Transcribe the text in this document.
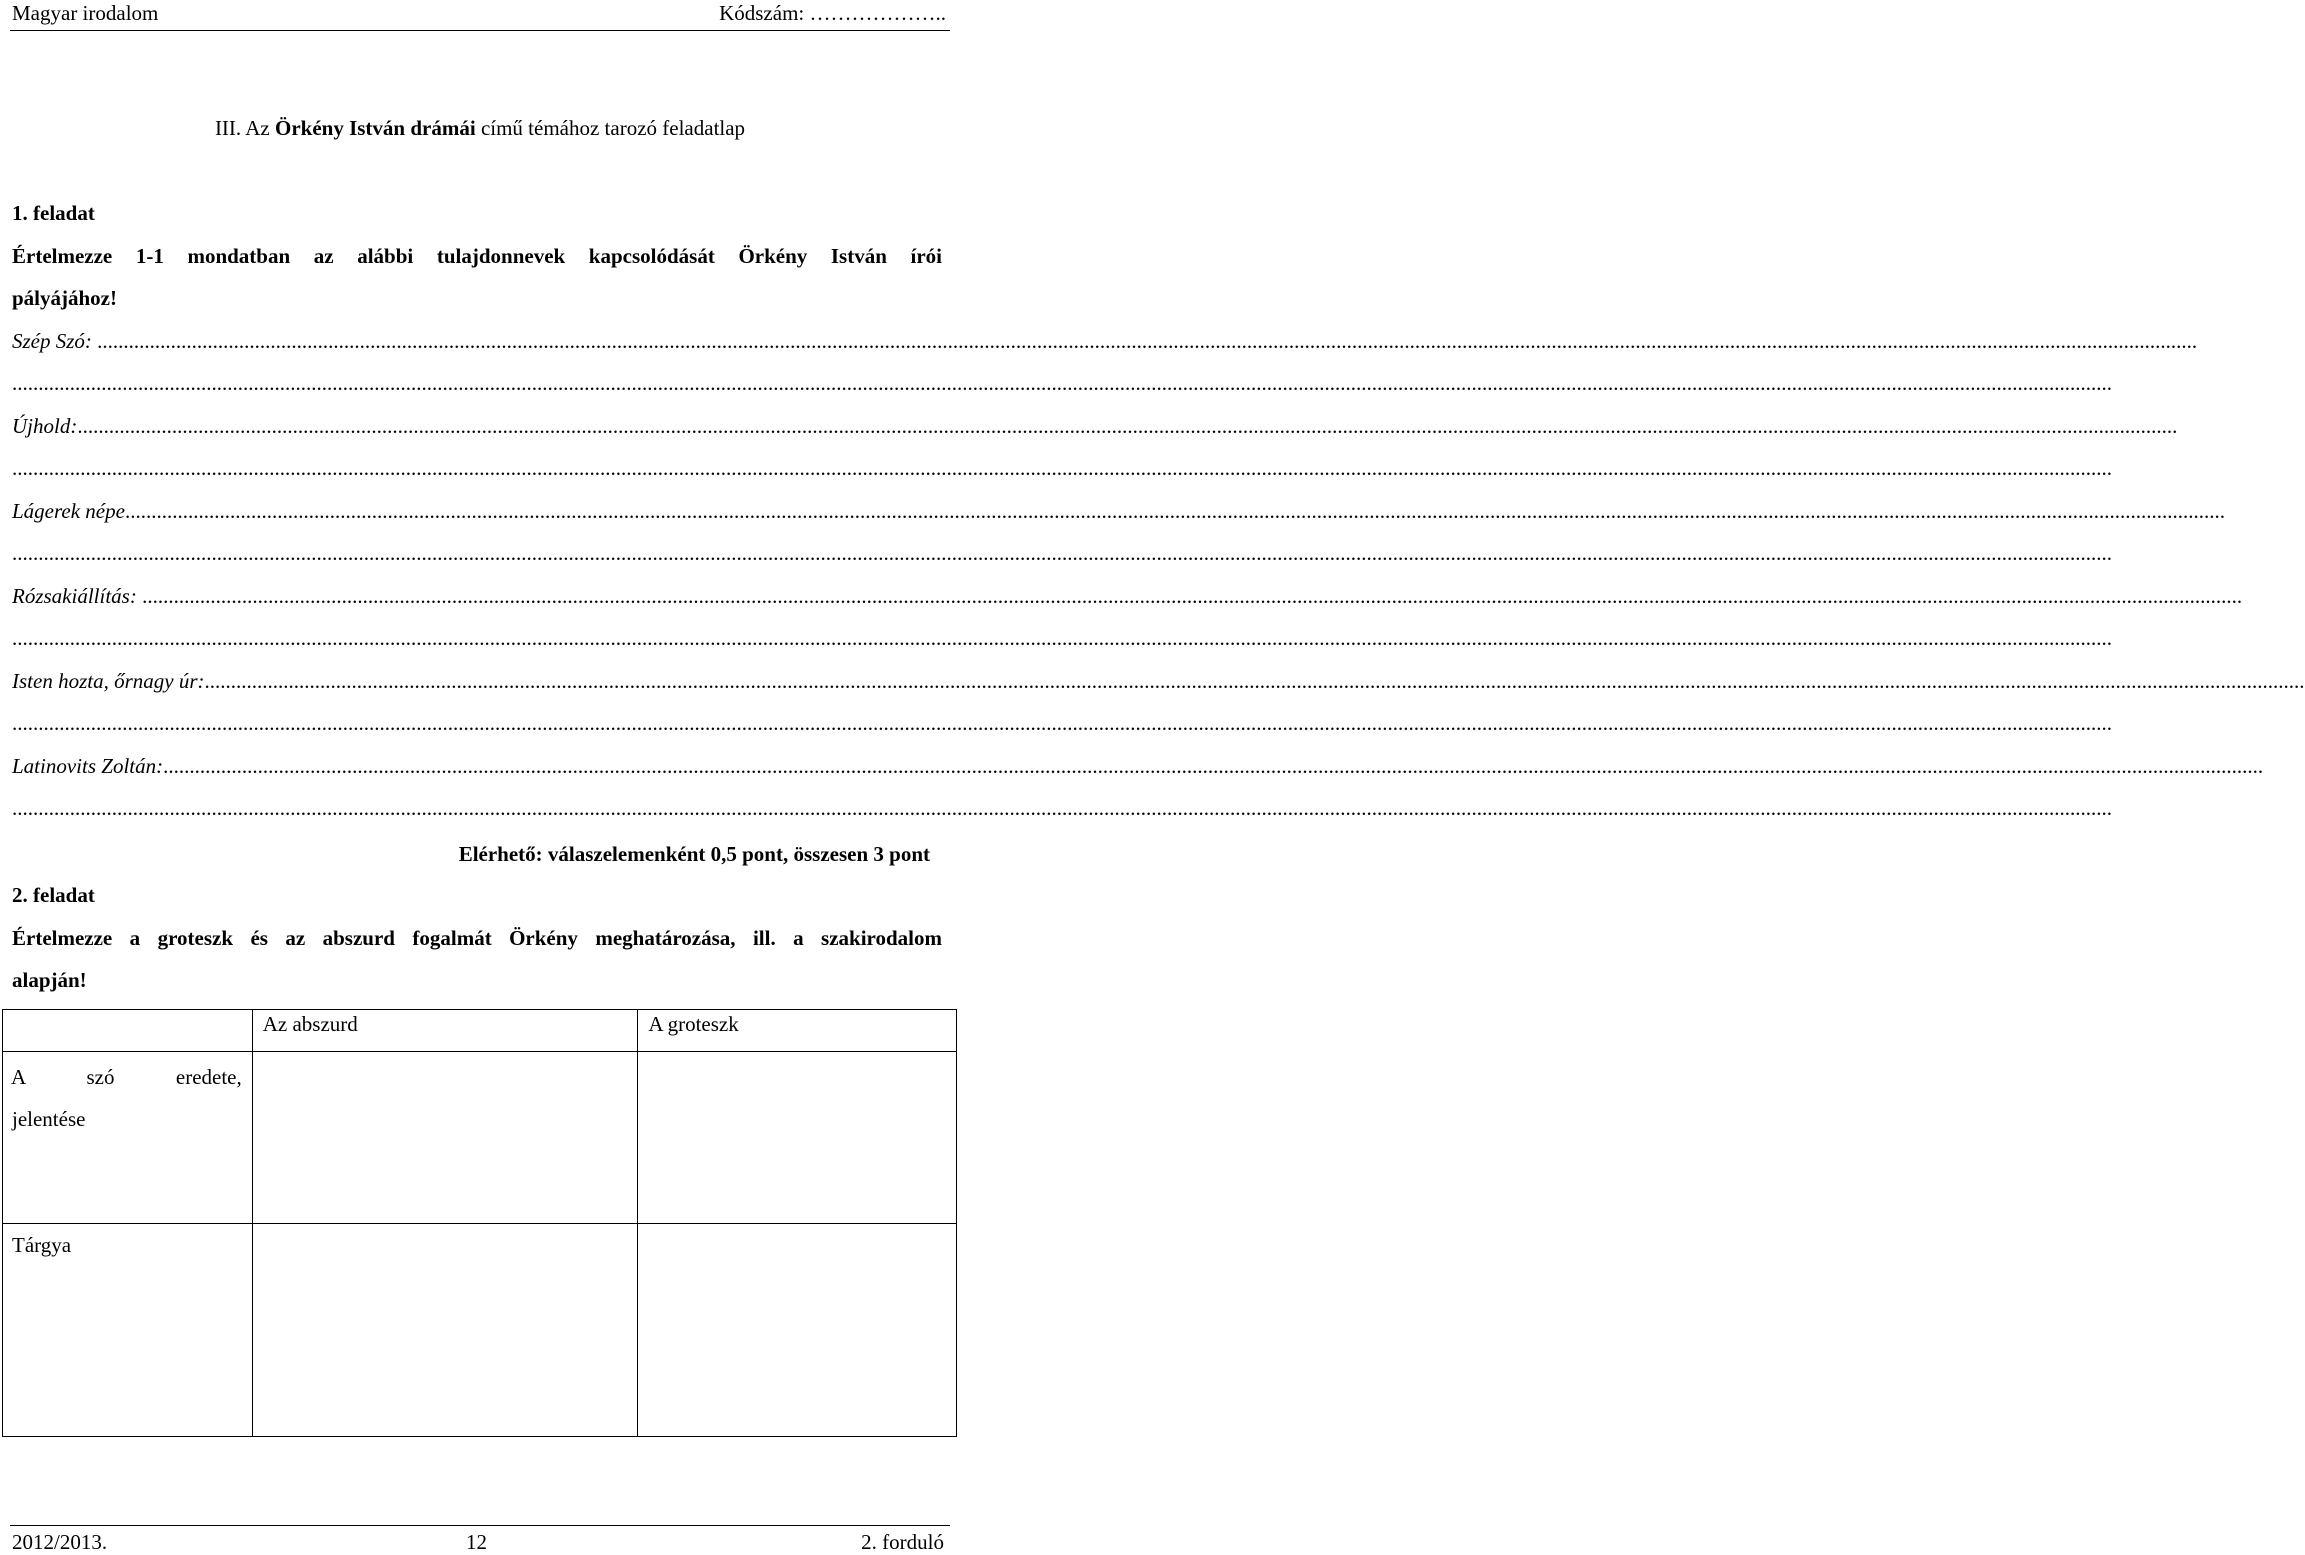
Magyar irodalom	Kódszám: ………………..
III. Az Örkény István drámái című témához tarozó feladatlap
1. feladat
Értelmezze 1-1 mondatban az alábbi tulajdonnevek kapcsolódását Örkény István írói
pályájához!
Szép Szó: ................................................................................................................................................................................................................................................................................................................................................................................................................
................................................................................................................................................................................................................................................................................................................................................................................................................
Újhold:................................................................................................................................................................................................................................................................................................................................................................................................................
................................................................................................................................................................................................................................................................................................................................................................................................................
Lágerek népe................................................................................................................................................................................................................................................................................................................................................................................................................
................................................................................................................................................................................................................................................................................................................................................................................................................
Rózsakiállítás: ................................................................................................................................................................................................................................................................................................................................................................................................................
................................................................................................................................................................................................................................................................................................................................................................................................................
Isten hozta, őrnagy úr:................................................................................................................................................................................................................................................................................................................................................................................................................
................................................................................................................................................................................................................................................................................................................................................................................................................
Latinovits Zoltán:................................................................................................................................................................................................................................................................................................................................................................................................................
................................................................................................................................................................................................................................................................................................................................................................................................................
Elérhető: válaszelemenként 0,5 pont, összesen 3 pont
2. feladat
Értelmezze a groteszk és az abszurd fogalmát Örkény meghatározása, ill. a szakirodalom
alapján!

	Az abszurd	A groteszk

A szó eredete,
jelentése		

Tárgya		

2012/2013.	12	2. forduló
